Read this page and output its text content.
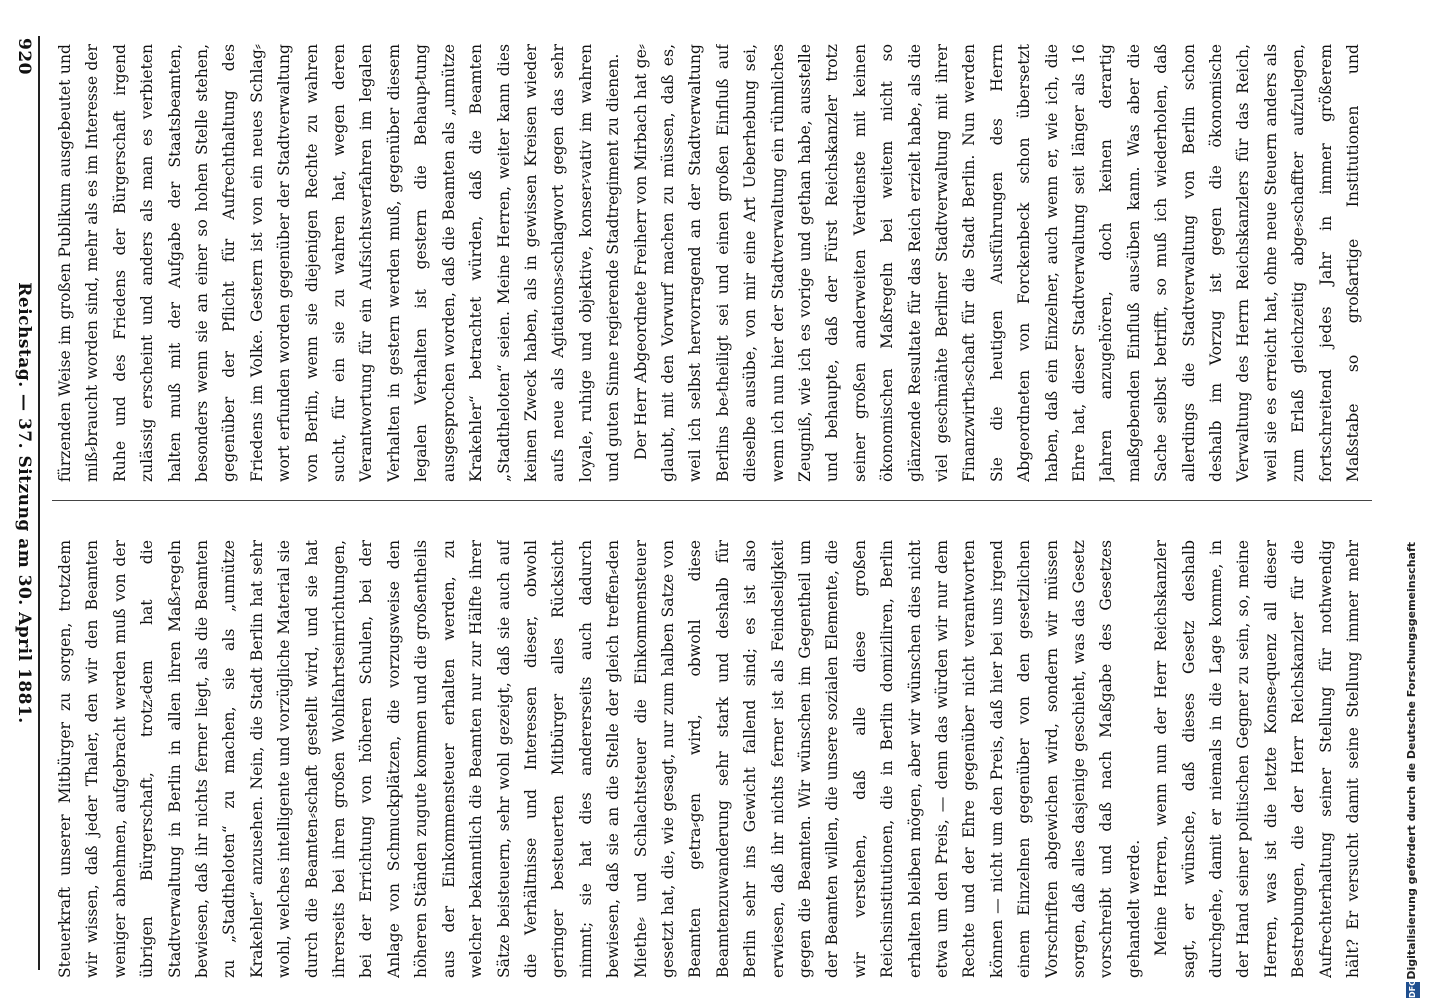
Digitalisierung gefördert durch die Deutsche Forschungsgemeinschaft
DFG

Steuerkraft unserer Mitbürger zu sorgen, trotzdem wir wissen, daß jeder Thaler, den wir den Beamten weniger abnehmen, aufgebracht werden muß von der übrigen Bürgerschaft, trotz⸗dem hat die Stadtverwaltung in Berlin in allen ihren Maß⸗regeln bewiesen, daß ihr nichts ferner liegt, als die Beamten zu „Stadtheloten“ zu machen, sie als „unnütze Krakehler“ anzusehen. Nein, die Stadt Berlin hat sehr wohl, welches intelligente und vorzügliche Material sie durch die Beamten⸗schaft gestellt wird, und sie hat ihrerseits bei ihren großen Wohlfahrtseinrichtungen, bei der Errichtung von höheren Schulen, bei der Anlage von Schmuckplätzen, die vorzugsweise den höheren Ständen zugute kommen und die großentheils aus der Einkommensteuer erhalten werden, zu welcher bekanntlich die Beamten nur zur Hälfte ihrer Sätze beisteuern, sehr wohl gezeigt, daß sie auch auf die Verhältnisse und Interessen dieser, obwohl geringer besteuerten Mitbürger alles Rücksicht nimmt; sie hat dies andererseits auch dadurch bewiesen, daß sie an die Stelle der gleich treffen⸗den Miethe⸗ und Schlachtsteuer die Einkommensteuer gesetzt hat, die, wie gesagt, nur zum halben Satze von Beamten getra⸗gen wird, obwohl diese Beamtenzuwanderung sehr stark und deshalb für Berlin sehr ins Gewicht fallend sind; es ist also erwiesen, daß ihr nichts ferner ist als Feindseligkeit gegen die Beamten. Wir wünschen im Gegentheil um der Beamten willen, die unsere sozialen Elemente, die wir verstehen, daß alle diese großen Reichsinstitutionen, die in Berlin domiziliren, Berlin erhalten bleiben mögen, aber wir wünschen dies nicht etwa um den Preis, — denn das würden wir nur dem Rechte und der Ehre gegenüber nicht verantworten können — nicht um den Preis, daß hier bei uns irgend einem Einzelnen gegenüber von den gesetzlichen Vorschriften abgewichen wird, sondern wir müssen sorgen, daß alles dasjenige geschieht, was das Gesetz vorschreibt und daß nach Maßgabe des Gesetzes gehandelt werde. Meine Herren, wenn nun der Herr Reichskanzler sagt, er wünsche, daß dieses Gesetz deshalb durchgehe, damit er niemals in die Lage komme, in der Hand seiner politischen Gegner zu sein, so, meine Herren, was ist die letzte Konse⸗quenz all dieser Bestrebungen, die der Herr Reichskanzler für die Aufrechterhaltung seiner Stellung für nothwendig hält? Er versucht damit seine Stellung immer mehr

fürzenden Weise im großen Publikum ausgebeutet und miß⸗braucht worden sind, mehr als es im Interesse der Ruhe und des Friedens der Bürgerschaft irgend zulässig erscheint und anders als man es verbieten halten muß mit der Aufgabe der Staatsbeamten, besonders wenn sie an einer so hohen Stelle stehen, gegenüber der Pflicht für Aufrechthaltung des Friedens im Volke. Gestern ist von ein neues Schlag⸗wort erfunden worden gegenüber der Stadtverwaltung von Berlin, wenn sie diejenigen Rechte zu wahren sucht, für ein sie zu wahren hat, wegen deren Verantwortung für ein Aufsichtsverfahren im legalen Verhalten in gestern werden muß, gegenüber diesem legalen Verhalten ist gestern die Behaup⸗tung ausgesprochen worden, daß die Beamten als „unnütze Krakehler“ betrachtet würden, daß die Beamten „Stadtheloten“ seien. Meine Herren, weiter kann dies keinen Zweck haben, als in gewissen Kreisen wieder aufs neue als Agitations⸗schlagwort gegen das sehr loyale, ruhige und objektive, konser⸗vativ im wahren und guten Sinne regierende Stadtregiment zu dienen. Der Herr Abgeordnete Freiherr von Mirbach hat ge⸗glaubt, mit den Vorwurf machen zu müssen, daß es, weil ich selbst hervorragend an der Stadtverwaltung Berlins be⸗theiligt sei und einen großen Einfluß auf dieselbe ausübe, von mir eine Art Ueberhebung sei, wenn ich nun hier der Stadtverwaltung ein rühmliches Zeugniß, wie ich es vorige und gethan habe, ausstelle und behaupte, daß der Fürst Reichskanzler trotz seiner großen anderweiten Verdienste mit keinen ökonomischen Maßregeln bei weitem nicht so glänzende Resultate für das Reich erzielt habe, als die viel geschmähte Berliner Stadtverwaltung mit ihrer Finanzwirth⸗schaft für die Stadt Berlin. Nun werden Sie die heutigen Ausführungen des Herrn Abgeordneten von Forckenbeck schon übersetzt haben, daß ein Einzelner, auch wenn er, wie ich, die Ehre hat, dieser Stadtverwaltung seit länger als 16 Jahren anzugehören, doch keinen derartig maßgebenden Einfluß aus⸗üben kann. Was aber die Sache selbst betrifft, so muß ich wiederholen, daß allerdings die Stadtverwaltung von Berlin schon deshalb im Vorzug ist gegen die ökonomische Verwaltung des Herrn Reichskanzlers für das Reich, weil sie es erreicht hat, ohne neue Steuern anders als zum Erlaß gleichzeitig abge⸗schaffter aufzulegen, fortschreitend jedes Jahr in immer größerem Maßstabe so großartige Institutionen und

920
Reichstag. — 37. Sitzung am 30. April 1881.
